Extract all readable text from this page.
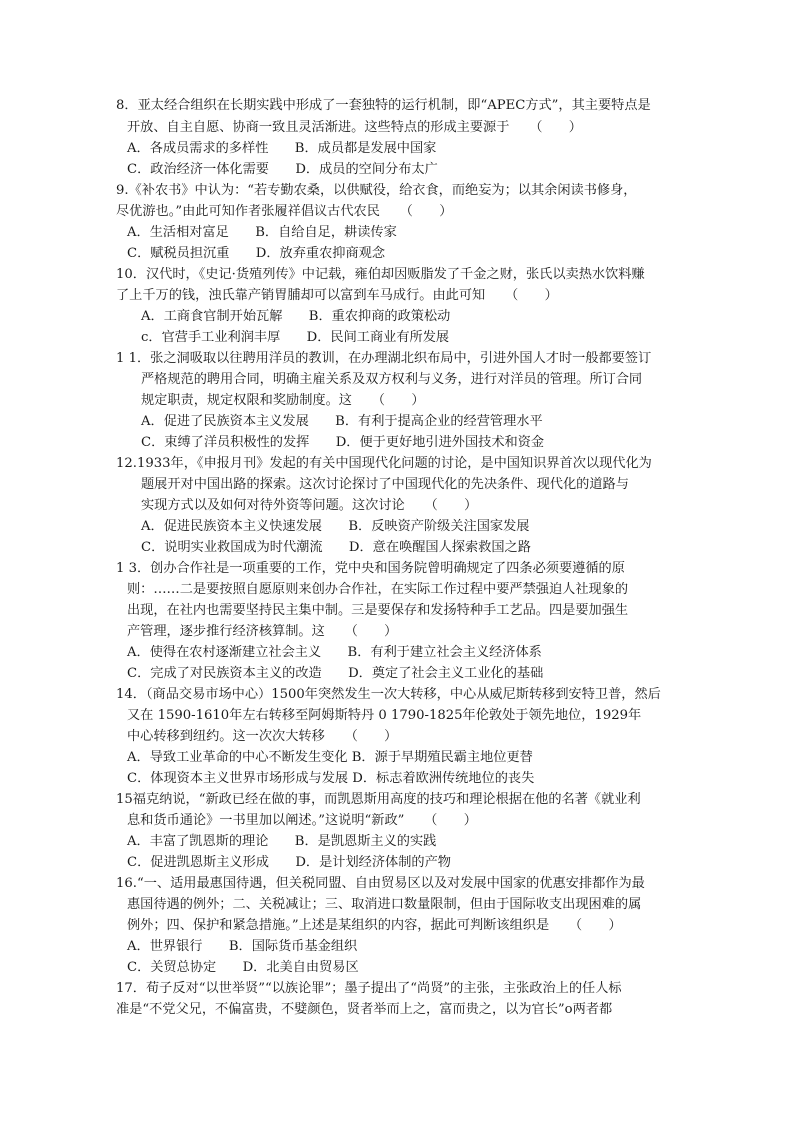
8．亚太经合组织在长期实践中形成了一套独特的运行机制，即“APEC方式”，其主要特点是
开放、自主自愿、协商一致且灵活渐进。这些特点的形成主要源于　　（　　）
A．各成员需求的多样性　　B．成员都是发展中国家
C．政治经济一体化需要　　D．成员的空间分布太广
9.《补农书》中认为：“若专勤农桑，以供赋役，给衣食，而绝妄为；以其余闲读书修身，
尽优游也。”由此可知作者张履祥倡议古代农民　　（　　）
A．生活相对富足　　B．自给自足，耕读传家
C．赋税员担沉重　　D．放弃重农抑商观念
10．汉代时，《史记·货殖列传》中记载，雍伯却因贩脂发了千金之财，张氏以卖热水饮料赚
了上千万的钱，浊氏靠产销胃脯却可以富到车马成行。由此可知　　（　　）
A．工商食官制开始瓦解　　B．重农抑商的政策松动
c．官营手工业利润丰厚　　D．民间工商业有所发展
1 1．张之洞吸取以往聘用洋员的教训，在办理湖北织布局中，引进外国人才时一般都要签订
严格规范的聘用合同，明确主雇关系及双方权利与义务，进行对洋员的管理。所订合同
规定职责，规定权限和奖励制度。这　　（　　）
A．促进了民族资本主义发展　　B．有利于提高企业的经营管理水平
C．束缚了洋员积极性的发挥　　D．便于更好地引进外国技术和资金
12.1933年，《申报月刊》发起的有关中国现代化问题的讨论，是中国知识界首次以现代化为
题展开对中国出路的探索。这次讨论探讨了中国现代化的先决条件、现代化的道路与
实现方式以及如何对待外资等问题。这次讨论　　（　　）
A．促进民族资本主义快速发展　　B．反映资产阶级关注国家发展
C．说明实业救国成为时代潮流　　D．意在唤醒国人探索救国之路
1 3．创办合作社是一项重要的工作，党中央和国务院曾明确规定了四条必须要遵循的原
则：……二是要按照自愿原则来创办合作社，在实际工作过程中要严禁强迫人社现象的
出现，在社内也需要坚持民主集中制。三是要保存和发扬特种手工艺品。四是要加强生
产管理，逐步推行经济核算制。这　　（　　）
A．使得在农村逐渐建立社会主义　　B．有利于建立社会主义经济体系
C．完成了对民族资本主义的改造　　D．奠定了社会主义工业化的基础
14．（商品交易市场中心）1500年突然发生一次大转移，中心从威尼斯转移到安特卫普，然后
又在 1590-1610年左右转移至阿姆斯特丹 0 1790-1825年伦敦处于领先地位，1929年
中心转移到纽约。这一次次大转移　　（　　）
A．导致工业革命的中心不断发生变化 B．源于早期殖民霸主地位更替
C．体现资本主义世界市场形成与发展 D．标志着欧洲传统地位的丧失
15福克纳说，“新政已经在做的事，而凯恩斯用高度的技巧和理论根据在他的名著《就业利
息和货币通论》一书里加以阐述。”这说明“新政”　　（　　）
A．丰富了凯恩斯的理论　　B．是凯恩斯主义的实践
C．促进凯恩斯主义形成　　D．是计划经济体制的产物
16.“一、适用最惠国待遇，但关税同盟、自由贸易区以及对发展中国家的优惠安排都作为最
惠国待遇的例外；二、关税减让；三、取消进口数量限制，但由于国际收支出现困难的属
例外；四、保护和紧急措施。”上述是某组织的内容，据此可判断该组织是　　（　　）
A．世界银行　　B．国际货币基金组织
C．关贸总协定　　D．北美自由贸易区
17．荀子反对“以世举贤”“以族论罪”；墨子提出了“尚贤”的主张，主张政治上的任人标
准是“不党父兄，不偏富贵，不嬖颜色，贤者举而上之，富而贵之，以为官长”o两者都
